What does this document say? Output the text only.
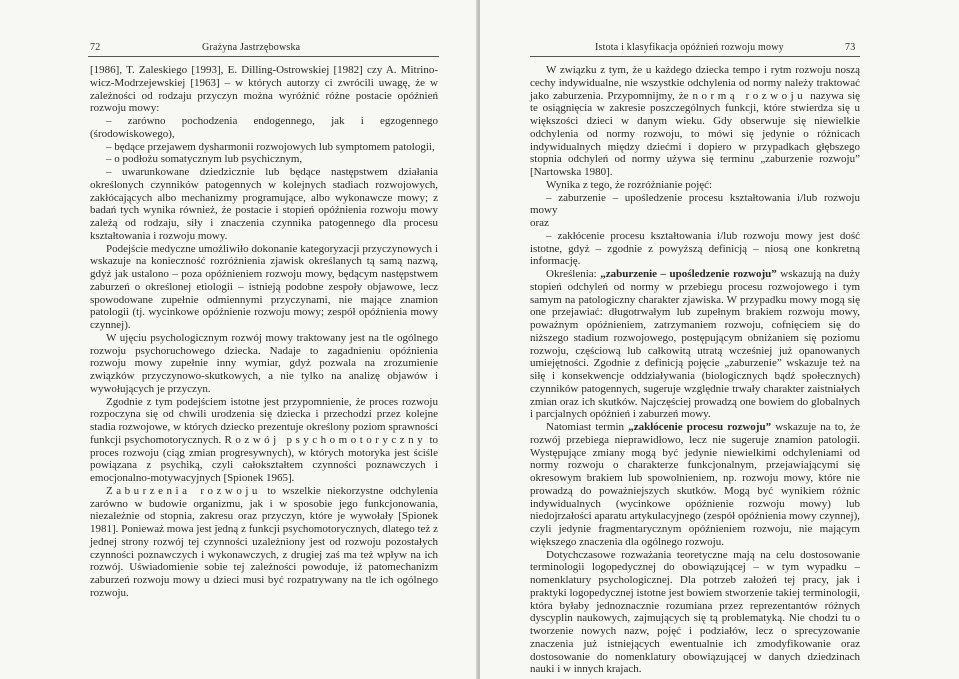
72	Grażyna Jastrzębowska

[1986], T. Zaleskiego [1993], E. Dilling-Ostrowskiej [1982] czy A. Mitrino-wicz-Modrzejewskiej [1963] – w których autorzy ci zwrócili uwagę, że w zależności od rodzaju przyczyn można wyróżnić różne postacie opóźnień rozwoju mowy:

– zarówno pochodzenia endogennego, jak i egzogennego (środowiskowego),

– będące przejawem dysharmonii rozwojowych lub symptomem patologii,

– o podłożu somatycznym lub psychicznym,

– uwarunkowane dziedzicznie lub będące następstwem działania określonych czynników patogennych w kolejnych stadiach rozwojowych, zakłócających albo mechanizmy programujące, albo wykonawcze mowy; z badań tych wynika również, że postacie i stopień opóźnienia rozwoju mowy zależą od rodzaju, siły i znaczenia czynnika patogennego dla procesu kształtowania i rozwoju mowy.

Podejście medyczne umożliwiło dokonanie kategoryzacji przyczynowych i wskazuje na konieczność rozróżnienia zjawisk określanych tą samą nazwą, gdyż jak ustalono – poza opóźnieniem rozwoju mowy, będącym następstwem zaburzeń o określonej etiologii – istnieją podobne zespoły objawowe, lecz spowodowane zupełnie odmiennymi przyczynami, nie mające znamion patologii (tj. wycinkowe opóźnienie rozwoju mowy; zespół opóźnienia mowy czynnej).

W ujęciu psychologicznym rozwój mowy traktowany jest na tle ogólnego rozwoju psychoruchowego dziecka. Nadaje to zagadnieniu opóźnienia rozwoju mowy zupełnie inny wymiar, gdyż pozwala na zrozumienie związków przyczynowo-skutkowych, a nie tylko na analizę objawów i wywołujących je przyczyn.

Zgodnie z tym podejściem istotne jest przypomnienie, że proces rozwoju rozpoczyna się od chwili urodzenia się dziecka i przechodzi przez kolejne stadia rozwojowe, w których dziecko prezentuje określony poziom sprawności funkcji psychomotorycznych. Rozwój psychomotoryczny to proces rozwoju (ciąg zmian progresywnych), w których motoryka jest ściśle powiązana z psychiką, czyli całokształtem czynności poznawczych i emocjonalno-motywacyjnych [Spionek 1965].

Zaburzenia rozwoju to wszelkie niekorzystne odchylenia zarówno w budowie organizmu, jak i w sposobie jego funkcjonowania, niezależnie od stopnia, zakresu oraz przyczyn, które je wywołały [Spionek 1981]. Ponieważ mowa jest jedną z funkcji psychomotorycznych, dlatego też z jednej strony rozwój tej czynności uzależniony jest od rozwoju pozostałych czynności poznawczych i wykonawczych, z drugiej zaś ma też wpływ na ich rozwój. Uświadomienie sobie tej zależności powoduje, iż patomechanizm zaburzeń rozwoju mowy u dzieci musi być rozpatrywany na tle ich ogólnego rozwoju.

Istota i klasyfikacja opóźnień rozwoju mowy	73

W związku z tym, że u każdego dziecka tempo i rytm rozwoju noszą cechy indywidualne, nie wszystkie odchylenia od normy należy traktować jako zaburzenia. Przypomnijmy, że normą rozwoju nazywa się te osiągnięcia w zakresie poszczególnych funkcji, które stwierdza się u większości dzieci w danym wieku. Gdy obserwuje się niewielkie odchylenia od normy rozwoju, to mówi się jedynie o różnicach indywidualnych między dziećmi i dopiero w przypadkach głębszego stopnia odchyleń od normy używa się terminu „zaburzenie rozwoju” [Nartowska 1980].

Wynika z tego, że rozróżnianie pojęć:

– zaburzenie – upośledzenie procesu kształtowania i/lub rozwoju mowy

oraz

– zakłócenie procesu kształtowania i/lub rozwoju mowy jest dość istotne, gdyż – zgodnie z powyższą definicją – niosą one konkretną informację.

Określenia: „zaburzenie – upośledzenie rozwoju” wskazują na duży stopień odchyleń od normy w przebiegu procesu rozwojowego i tym samym na patologiczny charakter zjawiska. W przypadku mowy mogą się one przejawiać: długotrwałym lub zupełnym brakiem rozwoju mowy, poważnym opóźnieniem, zatrzymaniem rozwoju, cofnięciem się do niższego stadium rozwojowego, postępującym obniżaniem się poziomu rozwoju, częściową lub całkowitą utratą wcześniej już opanowanych umiejętności. Zgodnie z definicją pojęcie „zaburzenie” wskazuje też na siłę i konsekwencje oddziaływania (biologicznych bądź społecznych) czynników patogennych, sugeruje względnie trwały charakter zaistniałych zmian oraz ich skutków. Najczęściej prowadzą one bowiem do globalnych i parcjalnych opóźnień i zaburzeń mowy.

Natomiast termin „zakłócenie procesu rozwoju” wskazuje na to, że rozwój przebiega nieprawidłowo, lecz nie sugeruje znamion patologii. Występujące zmiany mogą być jedynie niewielkimi odchyleniami od normy rozwoju o charakterze funkcjonalnym, przejawiającymi się okresowym brakiem lub spowolnieniem, np. rozwoju mowy, które nie prowadzą do poważniejszych skutków. Mogą być wynikiem różnic indywidualnych (wycinkowe opóźnienie rozwoju mowy) lub niedojrzałości aparatu artykulacyjnego (zespół opóźnienia mowy czynnej), czyli jedynie fragmentarycznym opóźnieniem rozwoju, nie mającym większego znaczenia dla ogólnego rozwoju.

Dotychczasowe rozważania teoretyczne mają na celu dostosowanie terminologii logopedycznej do obowiązującej – w tym wypadku – nomenklatury psychologicznej. Dla potrzeb założeń tej pracy, jak i praktyki logopedycznej istotne jest bowiem stworzenie takiej terminologii, która byłaby jednoznacznie rozumiana przez reprezentantów różnych dyscyplin naukowych, zajmujących się tą problematyką. Nie chodzi tu o tworzenie nowych nazw, pojęć i podziałów, lecz o sprecyzowanie znaczenia już istniejących ewentualnie ich zmodyfikowanie oraz dostosowanie do nomenklatury obowiązującej w danych dziedzinach nauki i w innych krajach.
